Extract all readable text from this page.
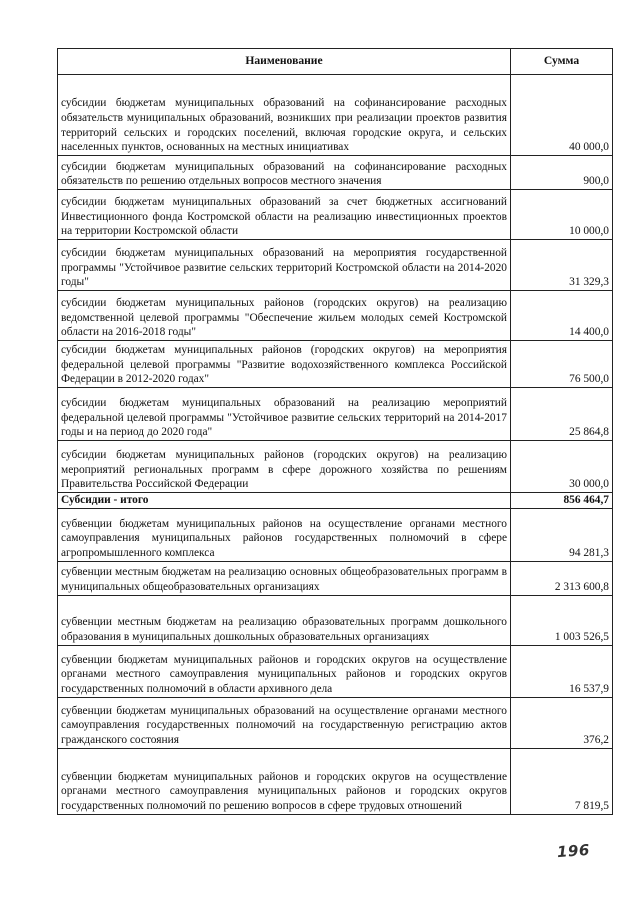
Наименование	Сумма
субсидии бюджетам муниципальных образований на софинансирование расходных обязательств муниципальных образований, возникших при реализации проектов развития территорий сельских и городских поселений, включая городские округа, и сельских населенных пунктов, основанных на местных инициативах	40 000,0
субсидии бюджетам муниципальных образований на софинансирование расходных обязательств по решению отдельных вопросов местного значения	900,0
субсидии бюджетам муниципальных образований за счет бюджетных ассигнований Инвестиционного фонда Костромской области на реализацию инвестиционных проектов на территории Костромской области	10 000,0
субсидии бюджетам муниципальных образований на мероприятия государственной программы "Устойчивое развитие сельских территорий Костромской области на 2014-2020 годы"	31 329,3
субсидии бюджетам муниципальных районов (городских округов) на реализацию ведомственной целевой программы "Обеспечение жильем молодых семей Костромской области на 2016-2018 годы"	14 400,0
субсидии бюджетам муниципальных районов (городских округов) на мероприятия федеральной целевой программы "Развитие водохозяйственного комплекса Российской Федерации в 2012-2020 годах"	76 500,0
субсидии бюджетам муниципальных образований на реализацию мероприятий федеральной целевой программы "Устойчивое развитие сельских территорий на 2014-2017 годы и на период до 2020 года"	25 864,8
субсидии бюджетам муниципальных районов (городских округов) на реализацию мероприятий региональных программ в сфере дорожного хозяйства по решениям Правительства Российской Федерации	30 000,0
Субсидии - итого	856 464,7
субвенции бюджетам муниципальных районов на осуществление органами местного самоуправления муниципальных районов государственных полномочий в сфере агропромышленного комплекса	94 281,3
субвенции местным бюджетам на реализацию основных общеобразовательных программ в муниципальных общеобразовательных организациях	2 313 600,8
субвенции местным бюджетам на реализацию образовательных программ дошкольного образования в муниципальных дошкольных образовательных организациях	1 003 526,5
субвенции бюджетам муниципальных районов и городских округов на осуществление органами местного самоуправления муниципальных районов и городских округов государственных полномочий в области архивного дела	16 537,9
субвенции бюджетам муниципальных образований на осуществление органами местного самоуправления государственных полномочий на государственную регистрацию актов гражданского состояния	376,2
субвенции бюджетам муниципальных районов и городских округов на осуществление органами местного самоуправления муниципальных районов и городских округов государственных полномочий по решению вопросов в сфере трудовых отношений	7 819,5
196
